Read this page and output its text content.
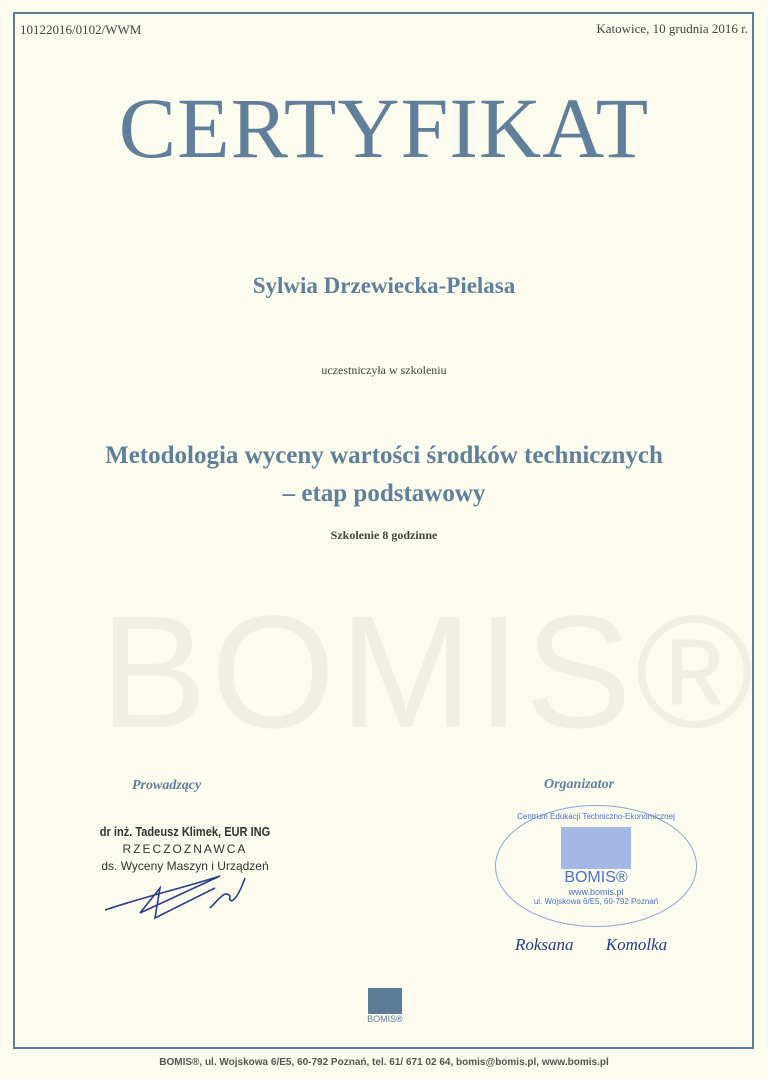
10122016/0102/WWM	Katowice, 10 grudnia 2016 r.
BOMIS®
CERTYFIKAT
Sylwia Drzewiecka-Pielasa
uczestniczyła w szkoleniu
Metodologia wyceny wartości środków technicznych
– etap podstawowy
Szkolenie 8 godzinne
Prowadzący
dr inż. Tadeusz Klimek, EUR ING
RZECZOZNAWCA
ds. Wyceny Maszyn i Urządzeń
Organizator
Centrum Edukacji Techniczno-Ekonomicznej
BOMIS®
www.bomis.pl
ul. Wojskowa 6/E5, 60-792 Poznań
Roksana Komolka
BOMIS®
BOMIS®, ul. Wojskowa 6/E5, 60-792 Poznań, tel. 61/ 671 02 64, bomis@bomis.pl, www.bomis.pl
